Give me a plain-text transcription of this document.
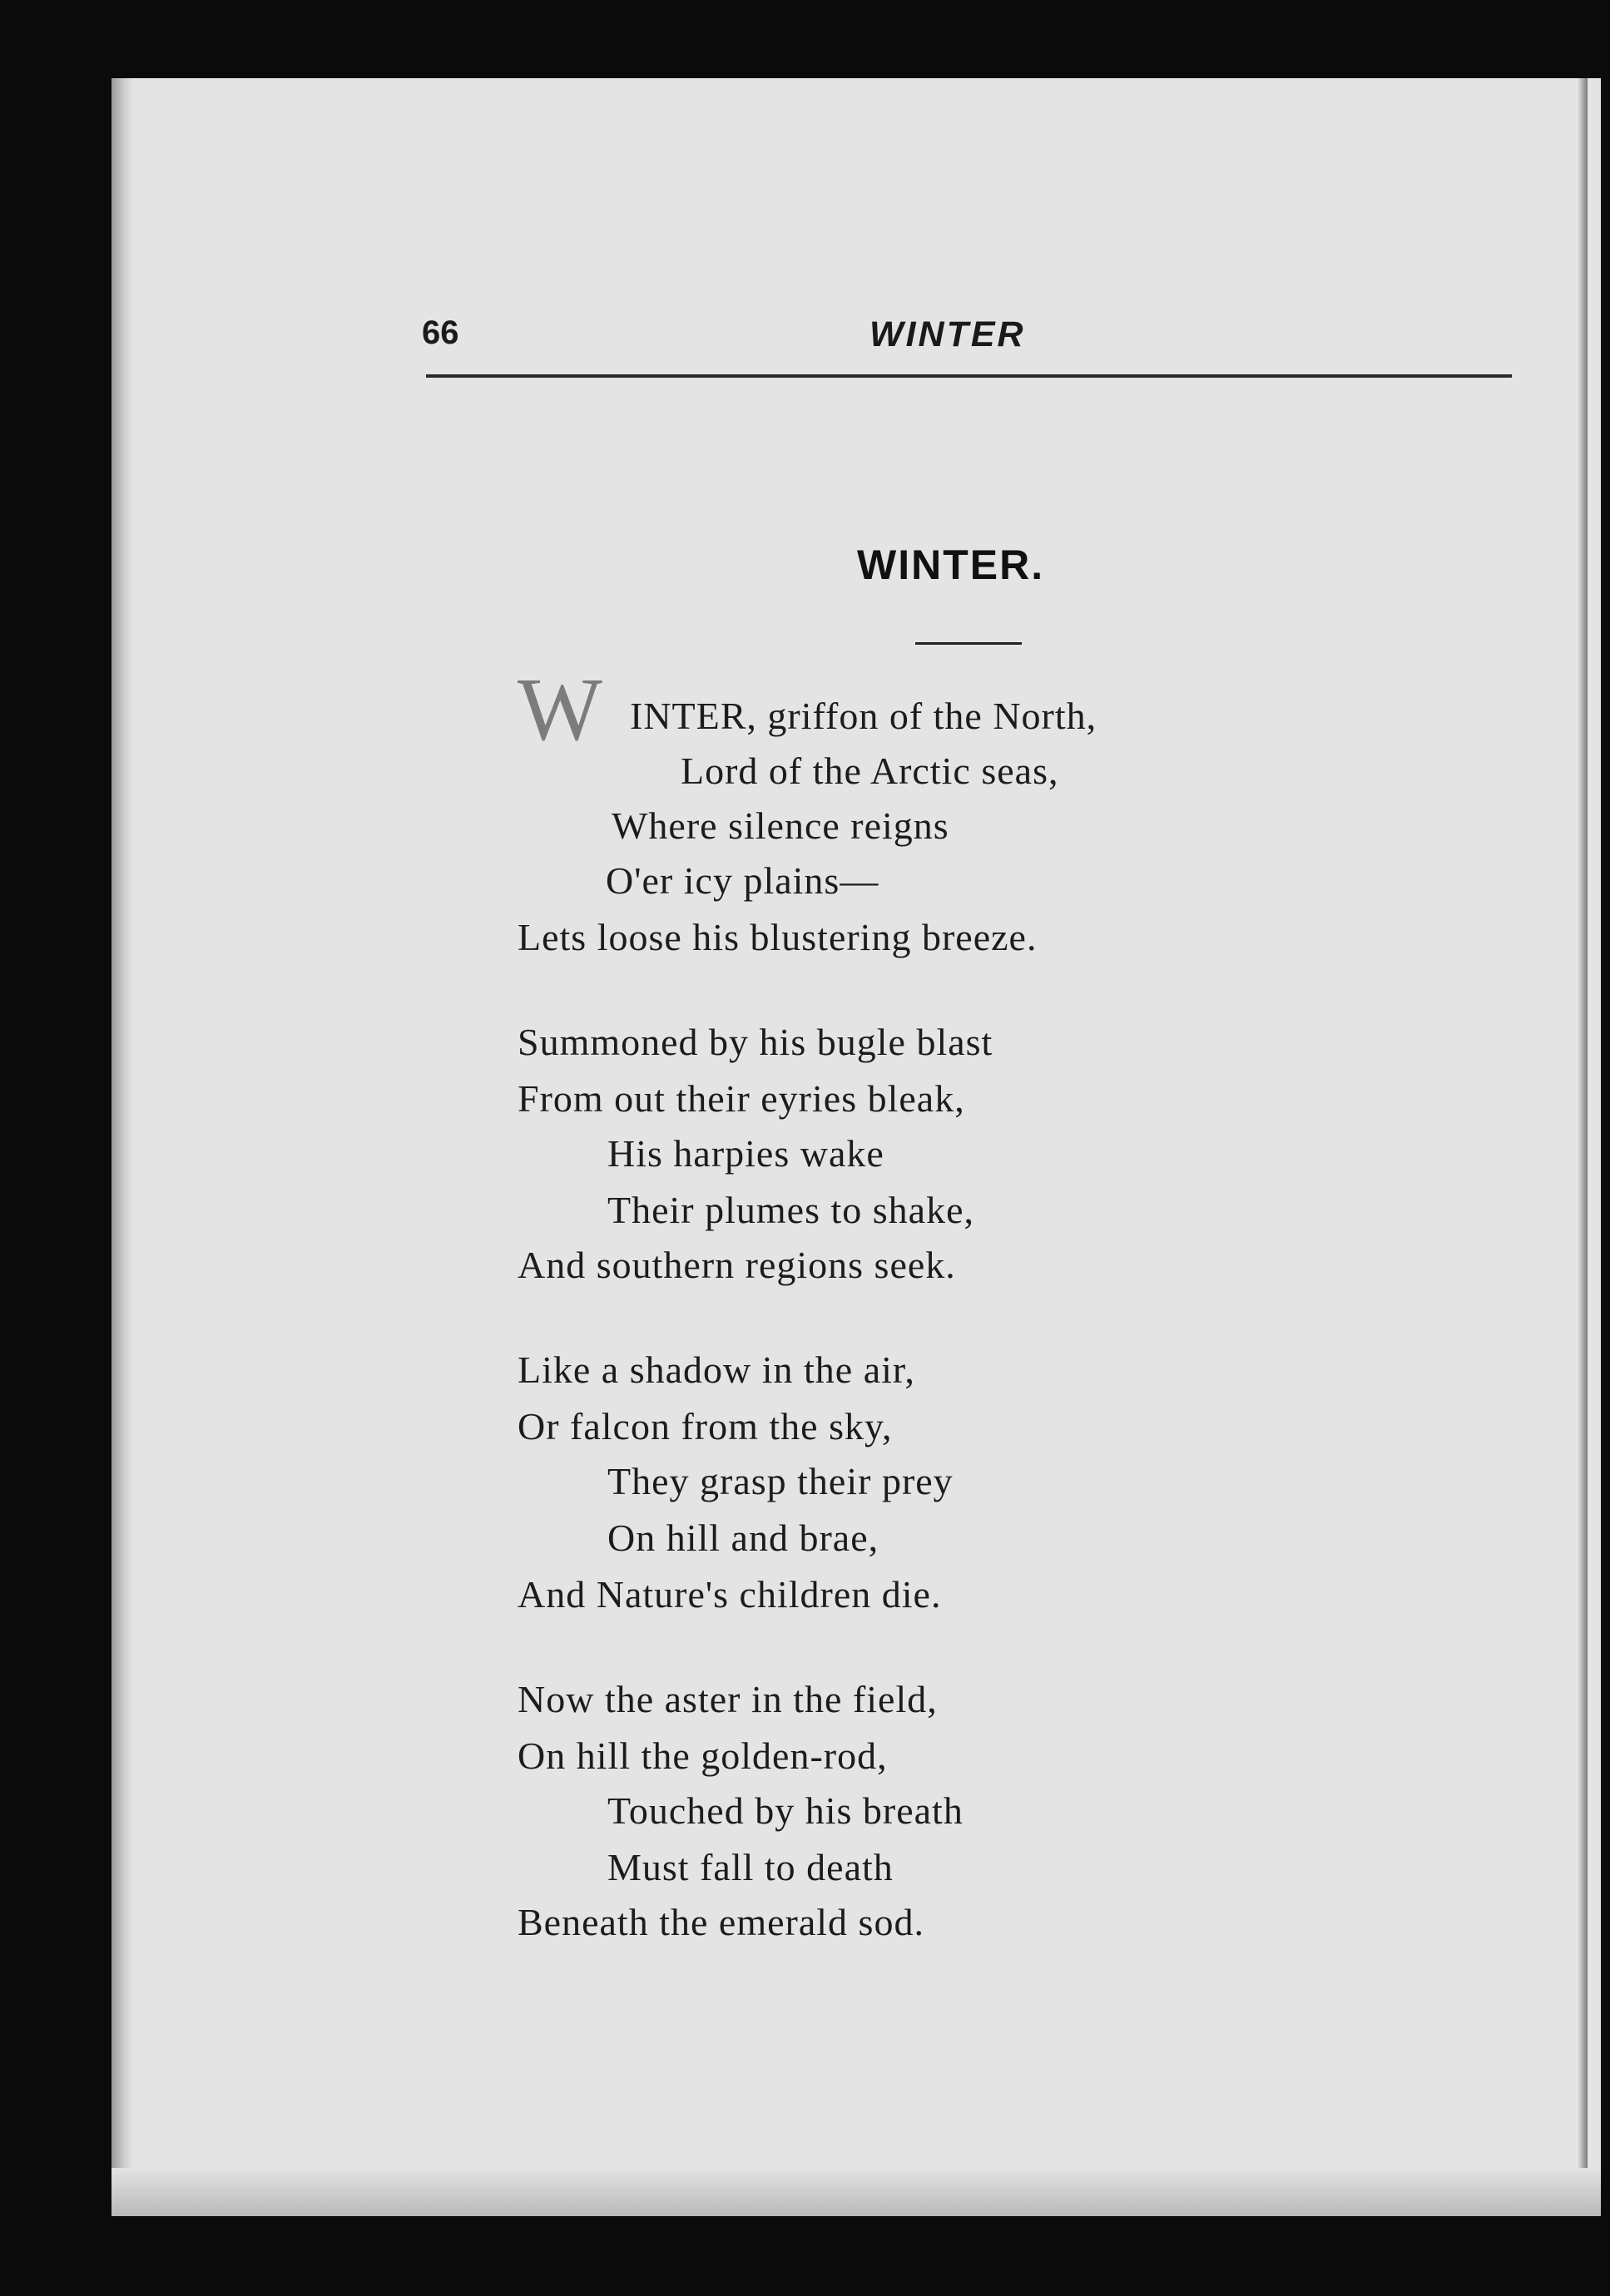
66	WINTER
WINTER.
W INTER, griffon of the North,
Lord of the Arctic seas,
Where silence reigns
O'er icy plains—
Lets loose his blustering breeze.
Summoned by his bugle blast
From out their eyries bleak,
His harpies wake
Their plumes to shake,
And southern regions seek.
Like a shadow in the air,
Or falcon from the sky,
They grasp their prey
On hill and brae,
And Nature's children die.
Now the aster in the field,
On hill the golden-rod,
Touched by his breath
Must fall to death
Beneath the emerald sod.
